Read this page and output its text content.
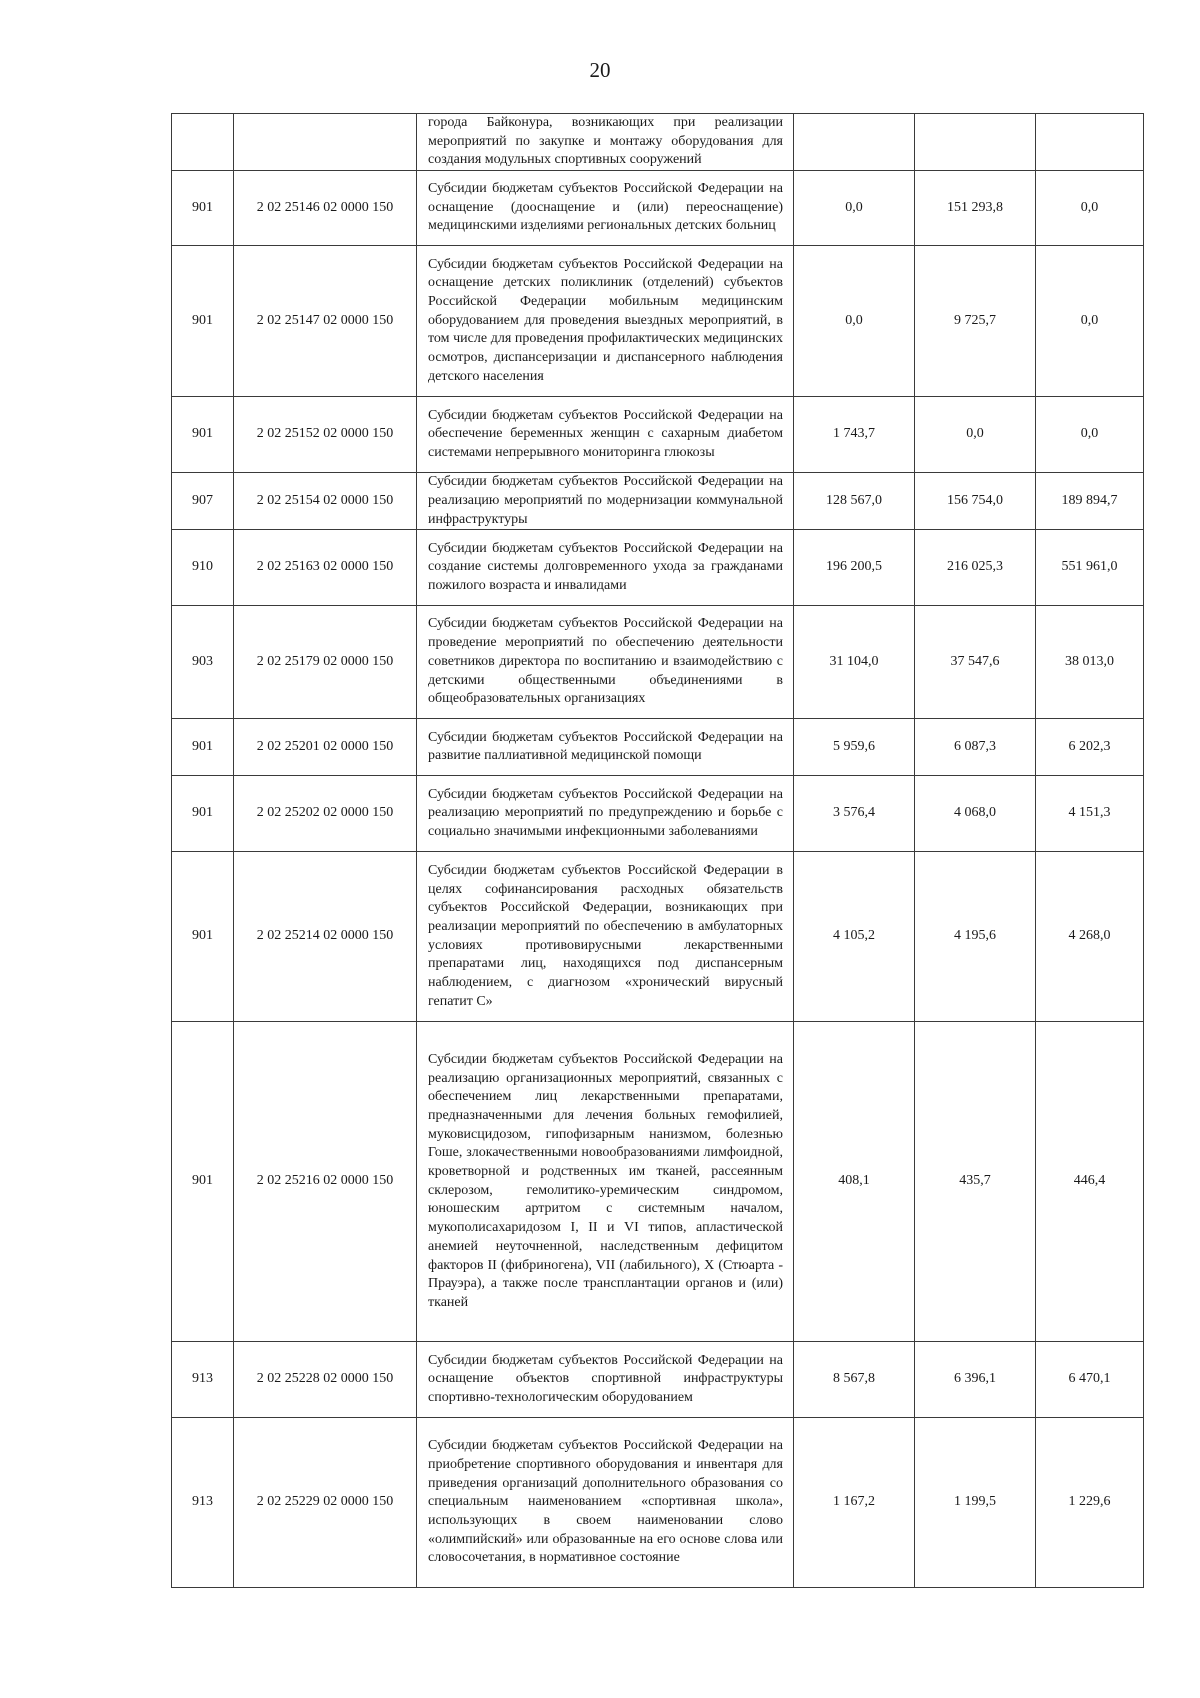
20
		города Байконура, возникающих при реализации мероприятий по закупке и монтажу оборудования для создания модульных спортивных сооружений			
901	2 02 25146 02 0000 150	Субсидии бюджетам субъектов Российской Федерации на оснащение (дооснащение и (или) переоснащение) медицинскими изделиями региональных детских больниц	0,0	151 293,8	0,0
901	2 02 25147 02 0000 150	Субсидии бюджетам субъектов Российской Федерации на оснащение детских поликлиник (отделений) субъектов Российской Федерации мобильным медицинским оборудованием для проведения выездных мероприятий, в том числе для проведения профилактических медицинских осмотров, диспансеризации и диспансерного наблюдения детского населения	0,0	9 725,7	0,0
901	2 02 25152 02 0000 150	Субсидии бюджетам субъектов Российской Федерации на обеспечение беременных женщин с сахарным диабетом системами непрерывного мониторинга глюкозы	1 743,7	0,0	0,0
907	2 02 25154 02 0000 150	Субсидии бюджетам субъектов Российской Федерации на реализацию мероприятий по модернизации коммунальной инфраструктуры	128 567,0	156 754,0	189 894,7
910	2 02 25163 02 0000 150	Субсидии бюджетам субъектов Российской Федерации на создание системы долговременного ухода за гражданами пожилого возраста и инвалидами	196 200,5	216 025,3	551 961,0
903	2 02 25179 02 0000 150	Субсидии бюджетам субъектов Российской Федерации на проведение мероприятий по обеспечению деятельности советников директора по воспитанию и взаимодействию с детскими общественными объединениями в общеобразовательных организациях	31 104,0	37 547,6	38 013,0
901	2 02 25201 02 0000 150	Субсидии бюджетам субъектов Российской Федерации на развитие паллиативной медицинской помощи	5 959,6	6 087,3	6 202,3
901	2 02 25202 02 0000 150	Субсидии бюджетам субъектов Российской Федерации на реализацию мероприятий по предупреждению и борьбе с социально значимыми инфекционными заболеваниями	3 576,4	4 068,0	4 151,3
901	2 02 25214 02 0000 150	Субсидии бюджетам субъектов Российской Федерации в целях софинансирования расходных обязательств субъектов Российской Федерации, возникающих при реализации мероприятий по обеспечению в амбулаторных условиях противовирусными лекарственными препаратами лиц, находящихся под диспансерным наблюдением, с диагнозом «хронический вирусный гепатит С»	4 105,2	4 195,6	4 268,0
901	2 02 25216 02 0000 150	Субсидии бюджетам субъектов Российской Федерации на реализацию организационных мероприятий, связанных с обеспечением лиц лекарственными препаратами, предназначенными для лечения больных гемофилией, муковисцидозом, гипофизарным нанизмом, болезнью Гоше, злокачественными новообразованиями лимфоидной, кроветворной и родственных им тканей, рассеянным склерозом, гемолитико-уремическим синдромом, юношеским артритом с системным началом, мукополисахаридозом I, II и VI типов, апластической анемией неуточненной, наследственным дефицитом факторов II (фибриногена), VII (лабильного), X (Стюарта - Прауэра), а также после трансплантации органов и (или) тканей	408,1	435,7	446,4
913	2 02 25228 02 0000 150	Субсидии бюджетам субъектов Российской Федерации на оснащение объектов спортивной инфраструктуры спортивно-технологическим оборудованием	8 567,8	6 396,1	6 470,1
913	2 02 25229 02 0000 150	Субсидии бюджетам субъектов Российской Федерации на приобретение спортивного оборудования и инвентаря для приведения организаций дополнительного образования со специальным наименованием «спортивная школа», использующих в своем наименовании слово «олимпийский» или образованные на его основе слова или словосочетания, в нормативное состояние	1 167,2	1 199,5	1 229,6
